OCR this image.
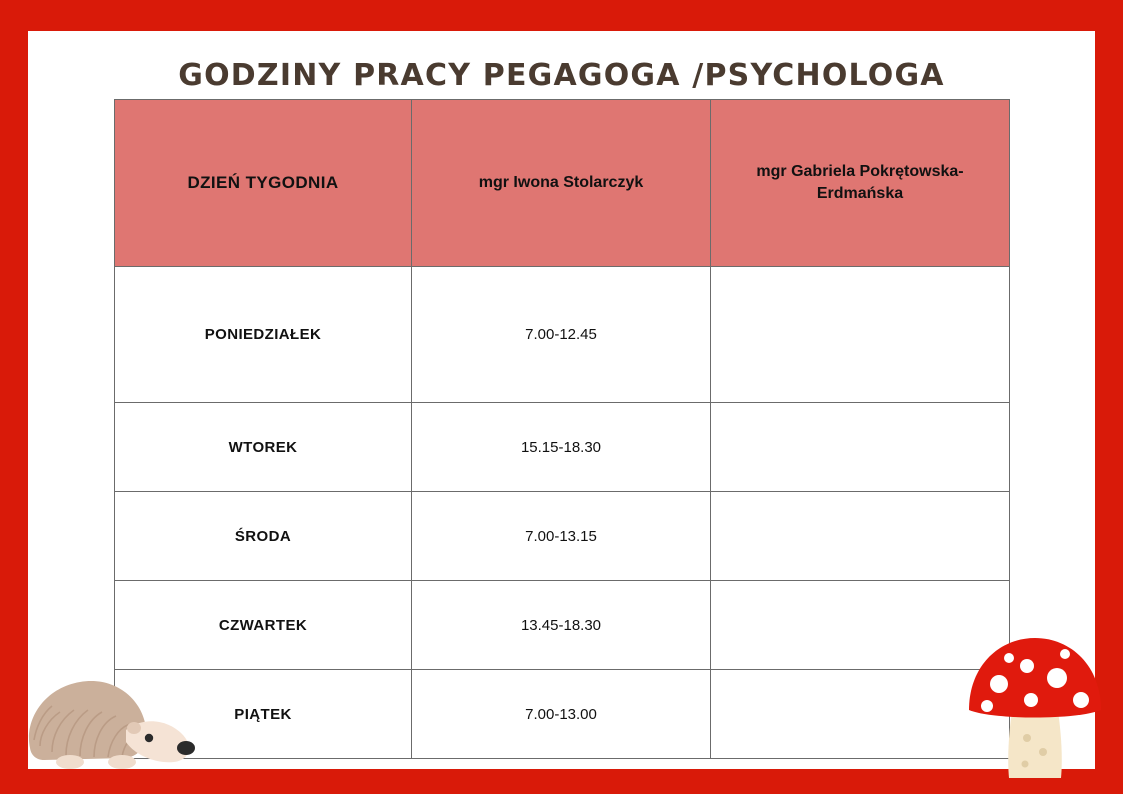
GODZINY PRACY PEGAGOGA /PSYCHOLOGA
DZIEŃ TYGODNIA	mgr Iwona Stolarczyk	mgr Gabriela Pokrętowska-Erdmańska
PONIEDZIAŁEK	7.00-12.45	
WTOREK	15.15-18.30	
ŚRODA	7.00-13.15	
CZWARTEK	13.45-18.30	
PIĄTEK	7.00-13.00	
